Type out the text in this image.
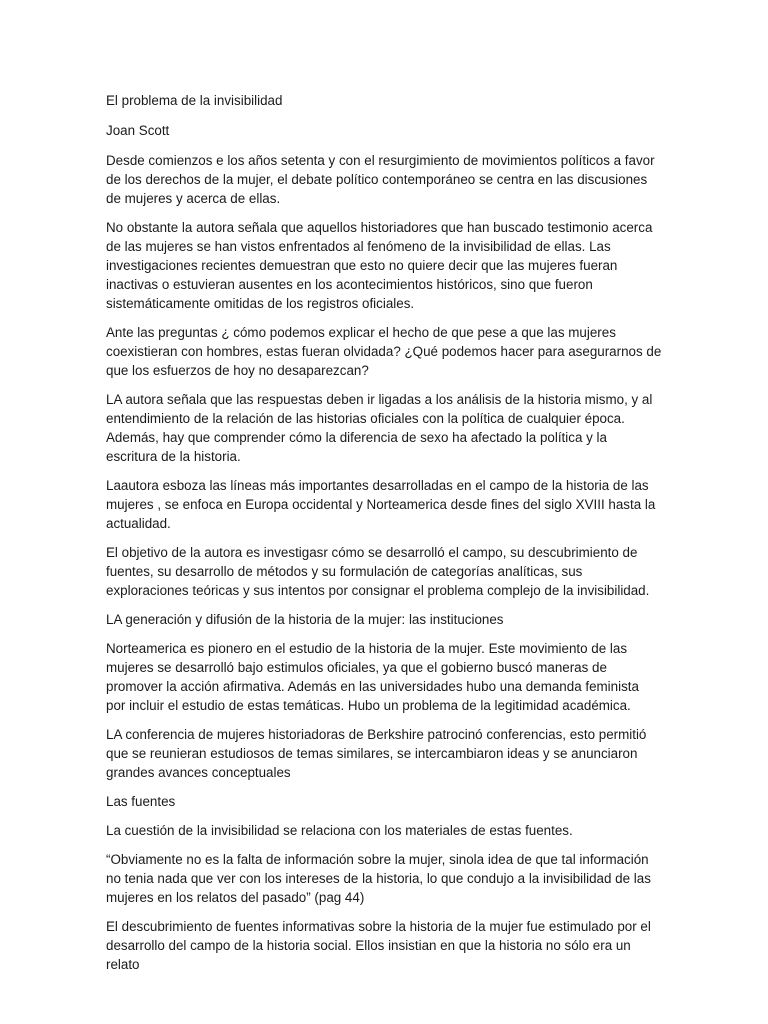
El problema de la invisibilidad

Joan Scott

Desde comienzos e los años setenta y con el resurgimiento de movimientos políticos a favor de los derechos de la mujer, el debate político contemporáneo se centra en las discusiones de mujeres y acerca de ellas.

No obstante la autora señala que aquellos historiadores que han buscado testimonio acerca de las mujeres se han vistos enfrentados al fenómeno de la invisibilidad de ellas. Las investigaciones recientes demuestran que esto no quiere decir que las mujeres fueran inactivas o estuvieran ausentes en los acontecimientos históricos, sino que fueron sistemáticamente omitidas de los registros oficiales.

Ante las preguntas ¿ cómo podemos explicar el hecho de que pese a que las mujeres coexistieran con hombres, estas fueran olvidada? ¿Qué podemos hacer para asegurarnos de que los esfuerzos de hoy no desaparezcan?

LA autora señala que las respuestas deben ir ligadas a los análisis de la historia mismo, y al entendimiento de la relación de las historias oficiales con la política de cualquier época. Además, hay que comprender cómo la diferencia de sexo ha afectado la política y la escritura de la historia.

Laautora esboza las líneas más importantes desarrolladas en el campo de la historia de las mujeres , se enfoca en Europa occidental y Norteamerica desde fines del siglo XVIII hasta la actualidad.

El objetivo de la autora es investigasr cómo se desarrolló el campo, su descubrimiento de fuentes, su desarrollo de métodos y su formulación de categorías analíticas, sus exploraciones teóricas y sus intentos por consignar el problema complejo de la invisibilidad.

LA generación y difusión de la historia de la mujer: las instituciones

Norteamerica es pionero en el estudio de la historia de la mujer. Este movimiento de las mujeres se desarrolló bajo estimulos oficiales, ya que el gobierno buscó maneras de promover la acción afirmativa. Además en las universidades hubo una demanda feminista por incluir el estudio de estas temáticas. Hubo un problema de la legitimidad académica.

LA conferencia de mujeres historiadoras de Berkshire patrocinó conferencias, esto permitió que se reunieran estudiosos de temas similares, se intercambiaron ideas y se anunciaron grandes avances conceptuales

Las fuentes

La cuestión de la invisibilidad se relaciona con los materiales de estas fuentes.

“Obviamente no es la falta de información sobre la mujer, sinola idea de que tal información no tenia nada que ver con los intereses de la historia, lo que condujo a la invisibilidad de las mujeres en los relatos del pasado” (pag 44)

El descubrimiento de fuentes informativas sobre la historia de la mujer fue estimulado por el desarrollo del campo de la historia social. Ellos insistian en que la historia no sólo era un relato
